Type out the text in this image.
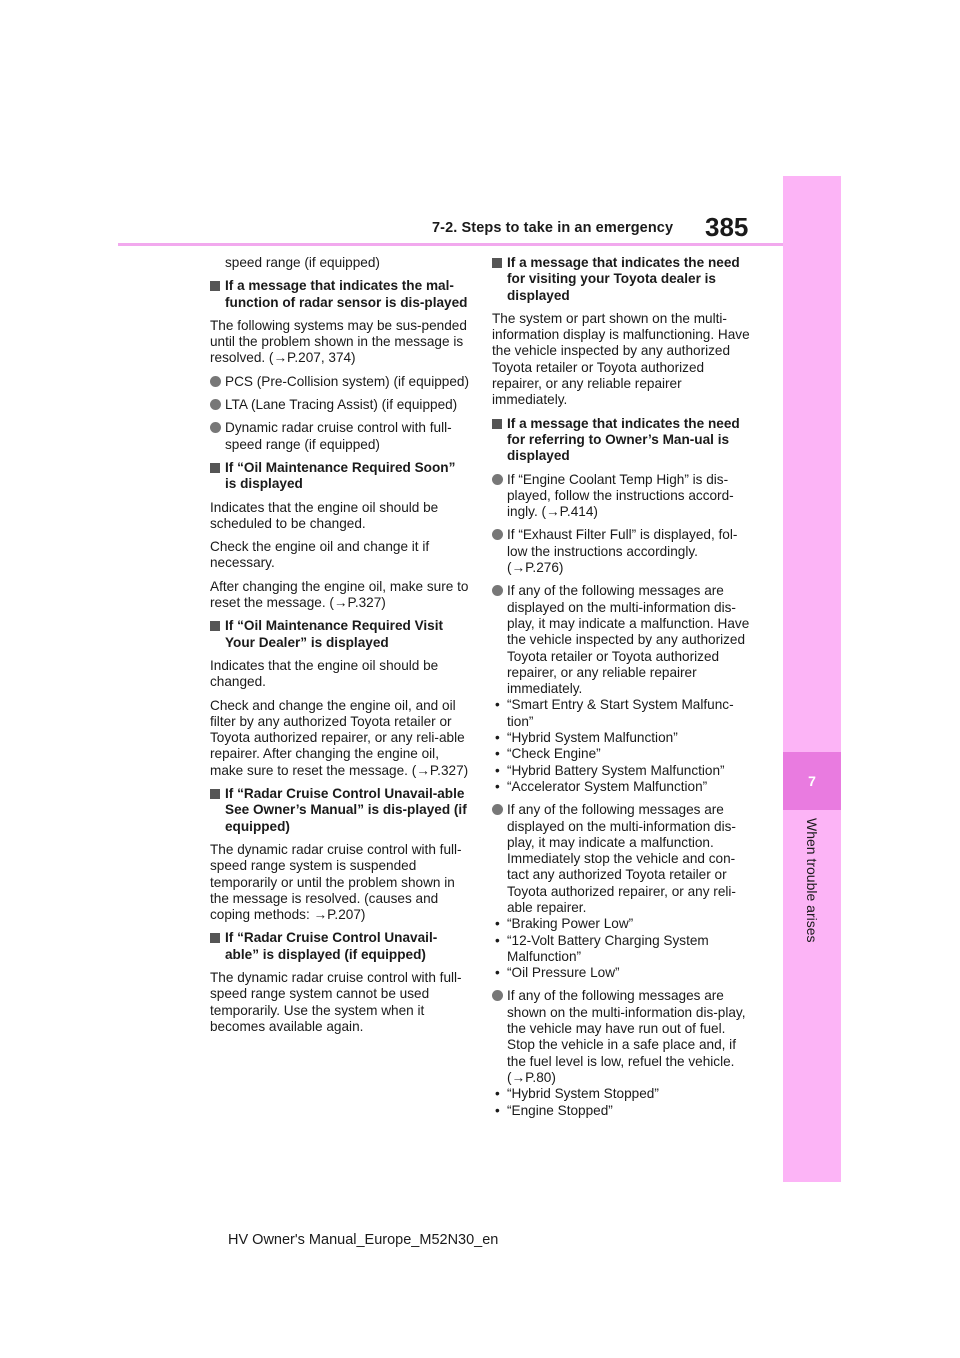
7-2. Steps to take in an emergency 385
7
When trouble arises

speed range (if equipped)

If a message that indicates the mal-function of radar sensor is dis-played

The following systems may be sus-pended until the problem shown in the message is resolved. (→P.207, 374)

PCS (Pre-Collision system) (if equipped)
LTA (Lane Tracing Assist) (if equipped)
Dynamic radar cruise control with full-speed range (if equipped)
If “Oil Maintenance Required Soon” is displayed

Indicates that the engine oil should be scheduled to be changed.

Check the engine oil and change it if necessary.

After changing the engine oil, make sure to reset the message. (→P.327)

If “Oil Maintenance Required Visit Your Dealer” is displayed

Indicates that the engine oil should be changed.

Check and change the engine oil, and oil filter by any authorized Toyota retailer or Toyota authorized repairer, or any reli-able repairer. After changing the engine oil, make sure to reset the message. (→P.327)

If “Radar Cruise Control Unavail-able See Owner’s Manual” is dis-played (if equipped)

The dynamic radar cruise control with full-speed range system is suspended temporarily or until the problem shown in the message is resolved. (causes and coping methods: →P.207)

If “Radar Cruise Control Unavail-able” is displayed (if equipped)

The dynamic radar cruise control with full-speed range system cannot be used temporarily. Use the system when it becomes available again.

If a message that indicates the need for visiting your Toyota dealer is displayed

The system or part shown on the multi-information display is malfunctioning. Have the vehicle inspected by any authorized Toyota retailer or Toyota authorized repairer, or any reliable repairer immediately.

If a message that indicates the need for referring to Owner’s Man-ual is displayed
If “Engine Coolant Temp High” is dis-played, follow the instructions accord-ingly. (→P.414)
If “Exhaust Filter Full” is displayed, fol-low the instructions accordingly. (→P.276)
If any of the following messages are displayed on the multi-information dis-play, it may indicate a malfunction. Have the vehicle inspected by any authorized Toyota retailer or Toyota authorized repairer, or any reliable repairer immediately.
• “Smart Entry & Start System Malfunc-tion”
• “Hybrid System Malfunction”
• “Check Engine”
• “Hybrid Battery System Malfunction”
• “Accelerator System Malfunction”
If any of the following messages are displayed on the multi-information dis-play, it may indicate a malfunction. Immediately stop the vehicle and con-tact any authorized Toyota retailer or Toyota authorized repairer, or any reli-able repairer.
• “Braking Power Low”
• “12-Volt Battery Charging System Malfunction”
• “Oil Pressure Low”
If any of the following messages are shown on the multi-information dis-play, the vehicle may have run out of fuel. Stop the vehicle in a safe place and, if the fuel level is low, refuel the vehicle. (→P.80)
• “Hybrid System Stopped”
• “Engine Stopped”
HV Owner's Manual_Europe_M52N30_en
